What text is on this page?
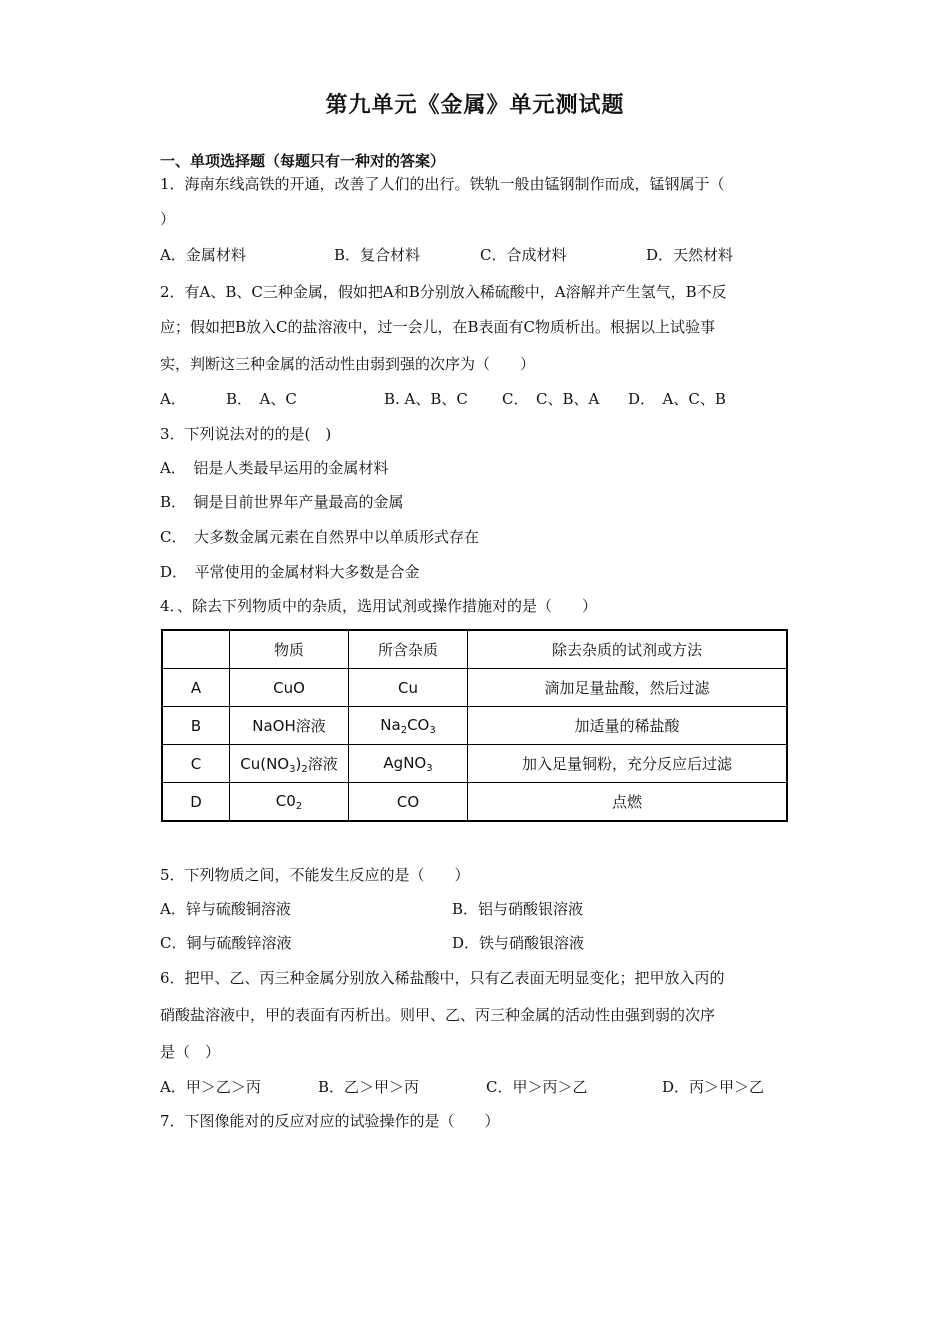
第九单元《金属》单元测试题
一、单项选择题（每题只有一种对的答案）
1．海南东线高铁的开通，改善了人们的出行。铁轨一般由锰钢制作而成，锰钢属于（
）
A．金属材料	B．复合材料	C．合成材料	D．天然材料
2．有A、B、C三种金属，假如把A和B分别放入稀硫酸中，A溶解并产生氢气，B不反
应；假如把B放入C的盐溶液中，过一会儿，在B表面有C物质析出。根据以上试验事
实，判断这三种金属的活动性由弱到强的次序为（　　）
A．	B．　A、C	B. A、B、C C．　C、B、A D．　A、C、B
3．下列说法对的的是(　)
A．　铝是人类最早运用的金属材料
B．　铜是目前世界年产量最高的金属
C．　大多数金属元素在自然界中以单质形式存在
D．　平常使用的金属材料大多数是合金
4．、除去下列物质中的杂质，选用试剂或操作措施对的是（　　）
	物质	所含杂质	除去杂质的试剂或方法
A	CuO	Cu	滴加足量盐酸，然后过滤
B	NaOH溶液	$Na_2CO_3$	加适量的稀盐酸
C	$Cu(NO_3)_2$溶液	AgNO$_3$	加入足量铜粉，充分反应后过滤
D	$C0_2$	CO	点燃
5．下列物质之间，不能发生反应的是（　　）
A．锌与硫酸铜溶液	B．铝与硝酸银溶液
C．铜与硫酸锌溶液	D．铁与硝酸银溶液
6．把甲、乙、丙三种金属分别放入稀盐酸中，只有乙表面无明显变化；把甲放入丙的
硝酸盐溶液中，甲的表面有丙析出。则甲、乙、丙三种金属的活动性由强到弱的次序
是（　）
A．甲＞乙＞丙	B．乙＞甲＞丙	C．甲＞丙＞乙	D．丙＞甲＞乙
7．下图像能对的反应对应的试验操作的是（　　）
